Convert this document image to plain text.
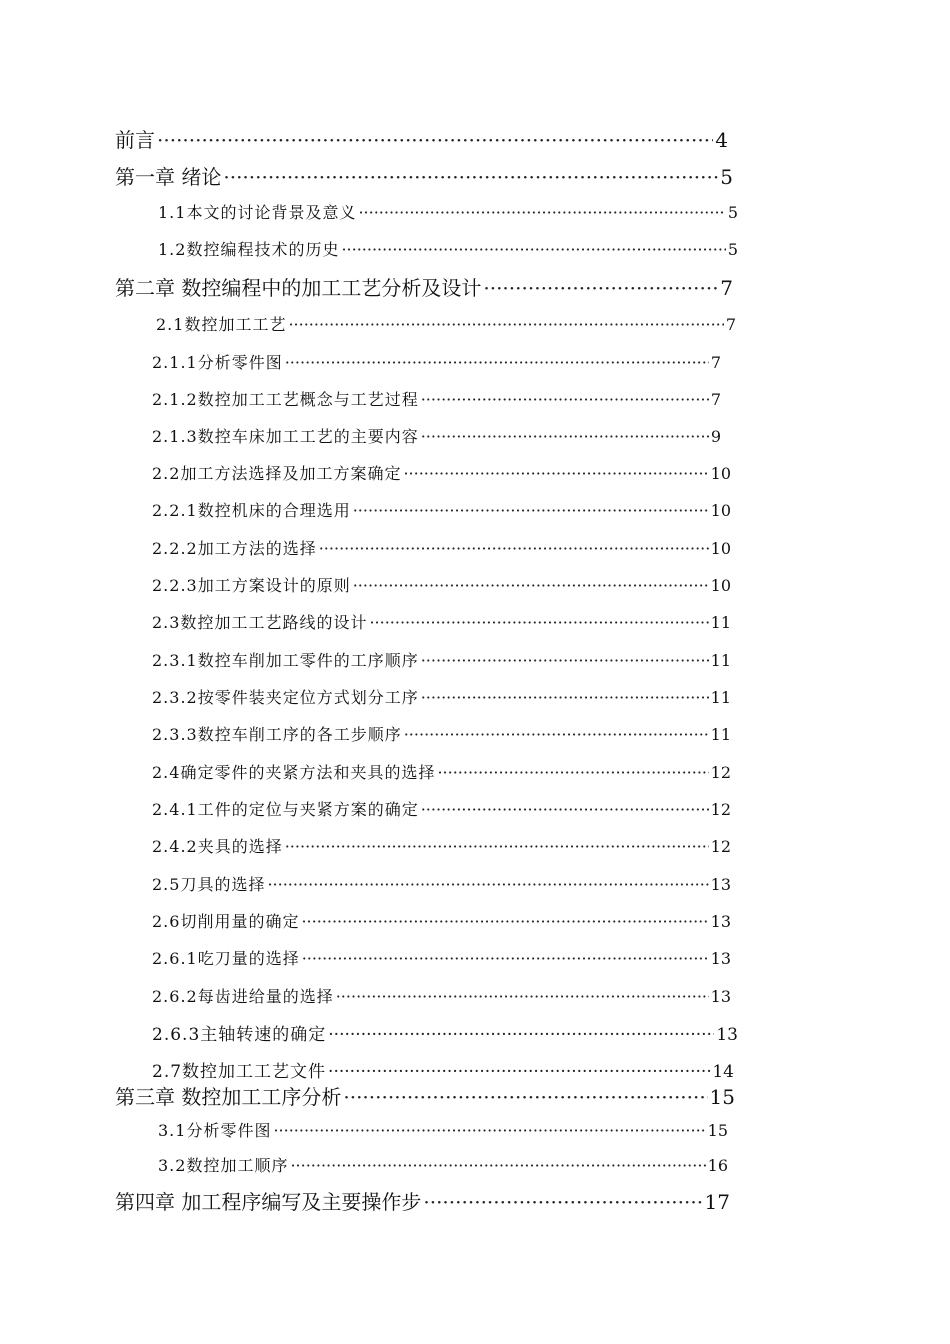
前言 ·····	4
第一章 绪论 ·····	5
1.1本文的讨论背景及意义 ·····	5
1.2数控编程技术的历史 ·····	5
第二章 数控编程中的加工工艺分析及设计 ·····	7
2.1数控加工工艺 ·····	7
2.1.1分析零件图 ·····	7
2.1.2数控加工工艺概念与工艺过程 ·····	7
2.1.3数控车床加工工艺的主要内容 ·····	9
2.2加工方法选择及加工方案确定 ·····	10
2.2.1数控机床的合理选用 ·····	10
2.2.2加工方法的选择 ·····	10
2.2.3加工方案设计的原则 ·····	10
2.3数控加工工艺路线的设计 ·····	11
2.3.1数控车削加工零件的工序顺序 ·····	11
2.3.2按零件装夹定位方式划分工序 ·····	11
2.3.3数控车削工序的各工步顺序 ·····	11
2.4确定零件的夹紧方法和夹具的选择 ·····	12
2.4.1工件的定位与夹紧方案的确定 ·····	12
2.4.2夹具的选择 ·····	12
2.5刀具的选择 ·····	13
2.6切削用量的确定 ·····	13
2.6.1吃刀量的选择 ·····	13
2.6.2每齿进给量的选择 ·····	13
2.6.3主轴转速的确定 ·····	13
2.7数控加工工艺文件 ·····	14
第三章 数控加工工序分析 ·····	15
3.1分析零件图 ·····	15
3.2数控加工顺序 ·····	16
第四章 加工程序编写及主要操作步 ·····	17
